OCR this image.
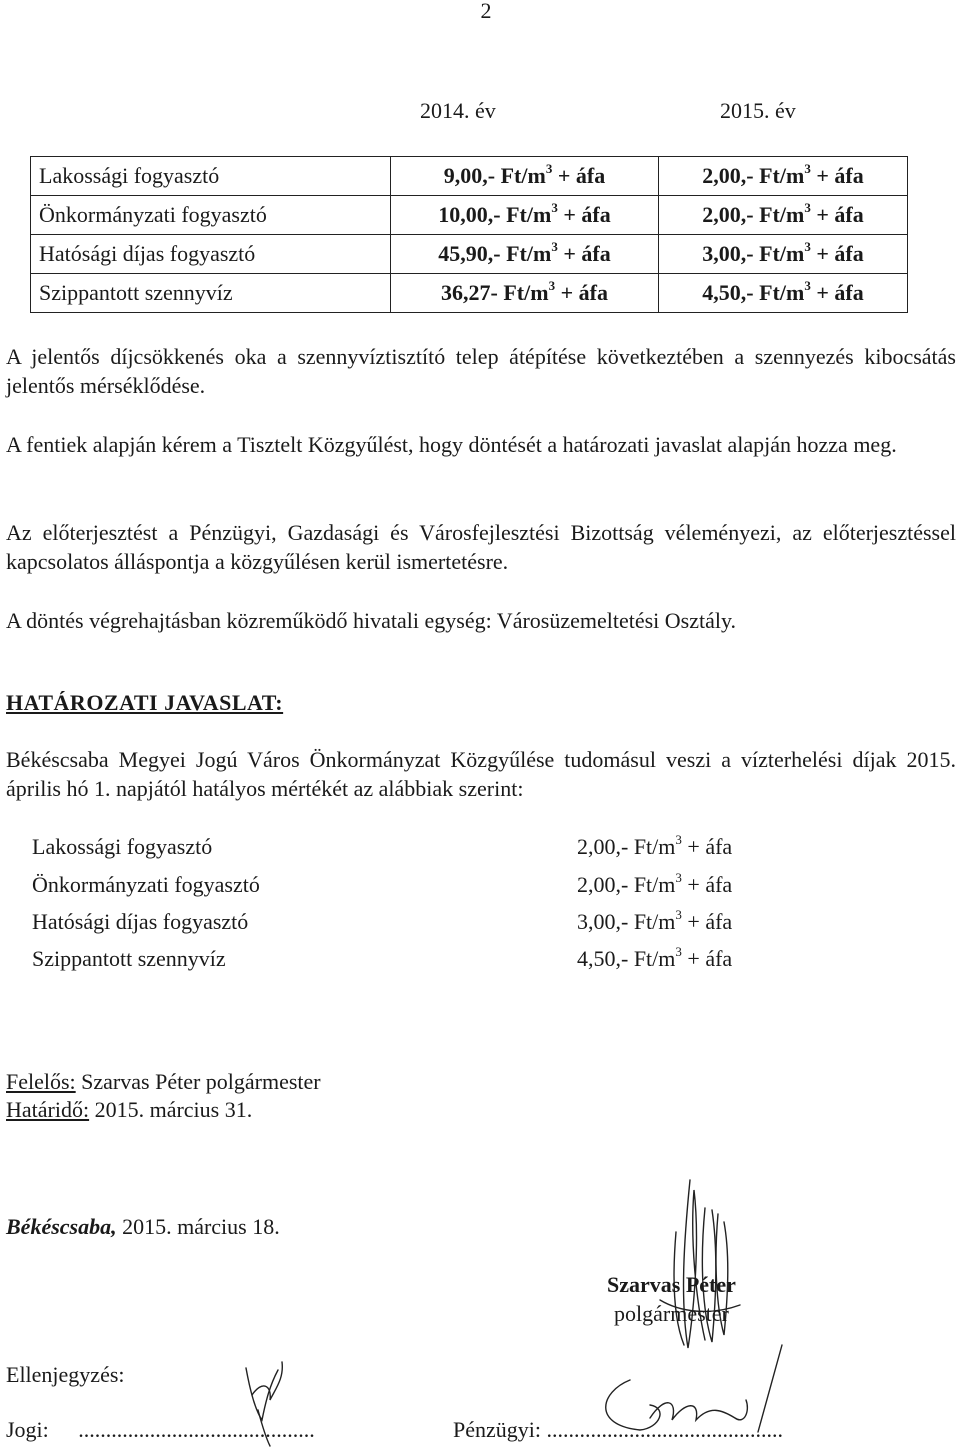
2
2014. év	2015. év
Lakossági fogyasztó	9,00,- $Ft/m^3$ + áfa	2,00,- $Ft/m^3$ + áfa
Önkormányzati fogyasztó	10,00,- $Ft/m^3$ + áfa	2,00,- $Ft/m^3$ + áfa
Hatósági díjas fogyasztó	45,90,- $Ft/m^3$ + áfa	3,00,- $Ft/m^3$ + áfa
Szippantott szennyvíz	36,27- $Ft/m^3$ + áfa	4,50,- $Ft/m^3$ + áfa
A jelentős díjcsökkenés oka a szennyvíztisztító telep átépítése következtében a szennyezés kibocsátás jelentős mérséklődése.
A fentiek alapján kérem a Tisztelt Közgyűlést, hogy döntését a határozati javaslat alapján hozza meg.
Az előterjesztést a Pénzügyi, Gazdasági és Városfejlesztési Bizottság véleményezi, az előterjesztéssel kapcsolatos álláspontja a közgyűlésen kerül ismertetésre.
A döntés végrehajtásban közreműködő hivatali egység: Városüzemeltetési Osztály.
HATÁROZATI JAVASLAT:
Békéscsaba Megyei Jogú Város Önkormányzat Közgyűlése tudomásul veszi a vízterhelési díjak 2015. április hó 1. napjától hatályos mértékét az alábbiak szerint:
Lakossági fogyasztó	2,00,- $Ft/m^3$ + áfa
Önkormányzati fogyasztó	2,00,- $Ft/m^3$ + áfa
Hatósági díjas fogyasztó	3,00,- $Ft/m^3$ + áfa
Szippantott szennyvíz	4,50,- $Ft/m^3$ + áfa
Felelős: Szarvas Péter polgármester
Határidő: 2015. március 31.
Békéscsaba, 2015. március 18.
Szarvas Péter
polgármester
Ellenjegyzés:
Jogi: ...........................................	Pénzügyi: ...........................................
